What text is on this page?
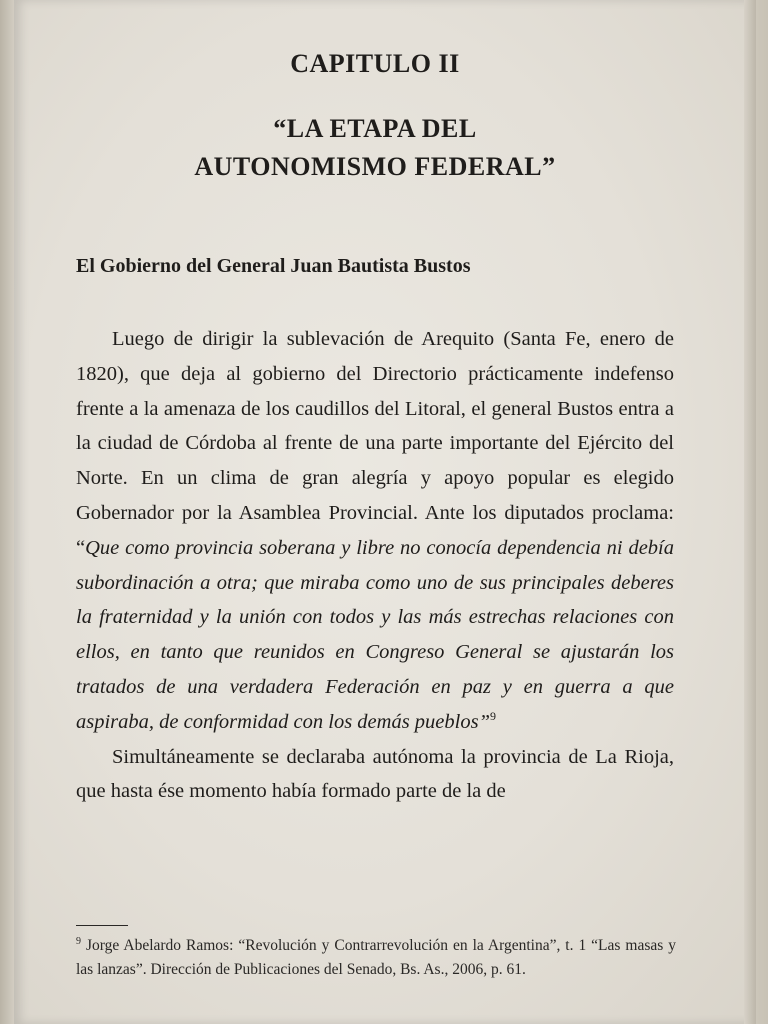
CAPITULO II
“LA ETAPA DEL
AUTONOMISMO FEDERAL”
El Gobierno del General Juan Bautista Bustos

Luego de dirigir la sublevación de Arequito (Santa Fe, enero de 1820), que deja al gobierno del Directorio prácticamente indefenso frente a la amenaza de los caudillos del Litoral, el general Bustos entra a la ciudad de Córdoba al frente de una parte importante del Ejército del Norte. En un clima de gran alegría y apoyo popular es elegido Gobernador por la Asamblea Provincial. Ante los diputados proclama: “Que como provincia soberana y libre no conocía dependencia ni debía subordinación a otra; que miraba como uno de sus principales deberes la fraternidad y la unión con todos y las más estrechas relaciones con ellos, en tanto que reunidos en Congreso General se ajustarán los tratados de una verdadera Federación en paz y en guerra a que aspiraba, de conformidad con los demás pueblos”$^9$

Simultáneamente se declaraba autónoma la provincia de La Rioja, que hasta ése momento había formado parte de la de

$^9$ Jorge Abelardo Ramos: “Revolución y Contrarrevolución en la Argentina”, t. 1 “Las masas y las lanzas”. Dirección de Publicaciones del Senado, Bs. As., 2006, p. 61.
